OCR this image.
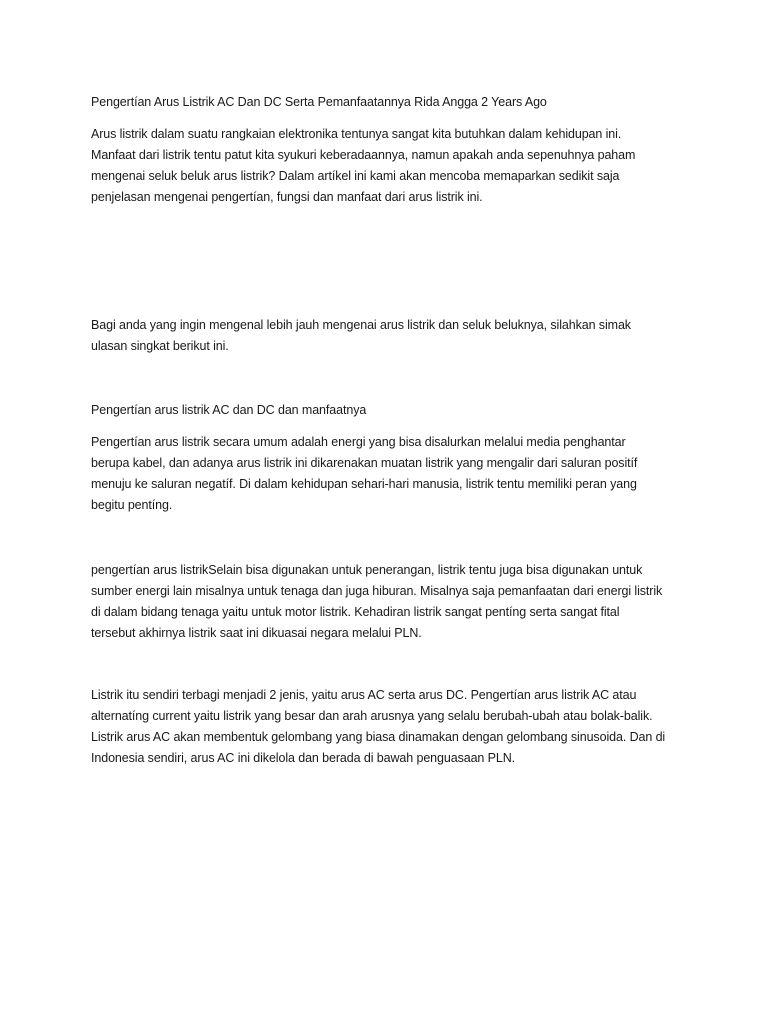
Pengertían Arus Listrik AC Dan DC Serta Pemanfaatannya Rida Angga 2 Years Ago

Arus listrik dalam suatu rangkaian elektronika tentunya sangat kita butuhkan dalam kehidupan ini.
Manfaat dari listrik tentu patut kita syukuri keberadaannya, namun apakah anda sepenuhnya paham
mengenai seluk beluk arus listrik? Dalam artíkel ini kami akan mencoba memaparkan sedikit saja
penjelasan mengenai pengertían, fungsi dan manfaat dari arus listrik ini.

Bagi anda yang ingin mengenal lebih jauh mengenai arus listrik dan seluk beluknya, silahkan simak
ulasan singkat berikut ini.

Pengertían arus listrik AC dan DC dan manfaatnya

Pengertían arus listrik secara umum adalah energi yang bisa disalurkan melalui media penghantar
berupa kabel, dan adanya arus listrik ini dikarenakan muatan listrik yang mengalir dari saluran positíf
menuju ke saluran negatíf. Di dalam kehidupan sehari-hari manusia, listrik tentu memiliki peran yang
begitu pentíng.

pengertían arus listrikSelain bisa digunakan untuk penerangan, listrik tentu juga bisa digunakan untuk
sumber energi lain misalnya untuk tenaga dan juga hiburan. Misalnya saja pemanfaatan dari energi listrik
di dalam bidang tenaga yaitu untuk motor listrik. Kehadiran listrik sangat pentíng serta sangat fital
tersebut akhirnya listrik saat ini dikuasai negara melalui PLN.

Listrik itu sendiri terbagi menjadi 2 jenis, yaitu arus AC serta arus DC. Pengertían arus listrik AC atau
alternatíng current yaitu listrik yang besar dan arah arusnya yang selalu berubah-ubah atau bolak-balik.
Listrik arus AC akan membentuk gelombang yang biasa dinamakan dengan gelombang sinusoida. Dan di
Indonesia sendiri, arus AC ini dikelola dan berada di bawah penguasaan PLN.
